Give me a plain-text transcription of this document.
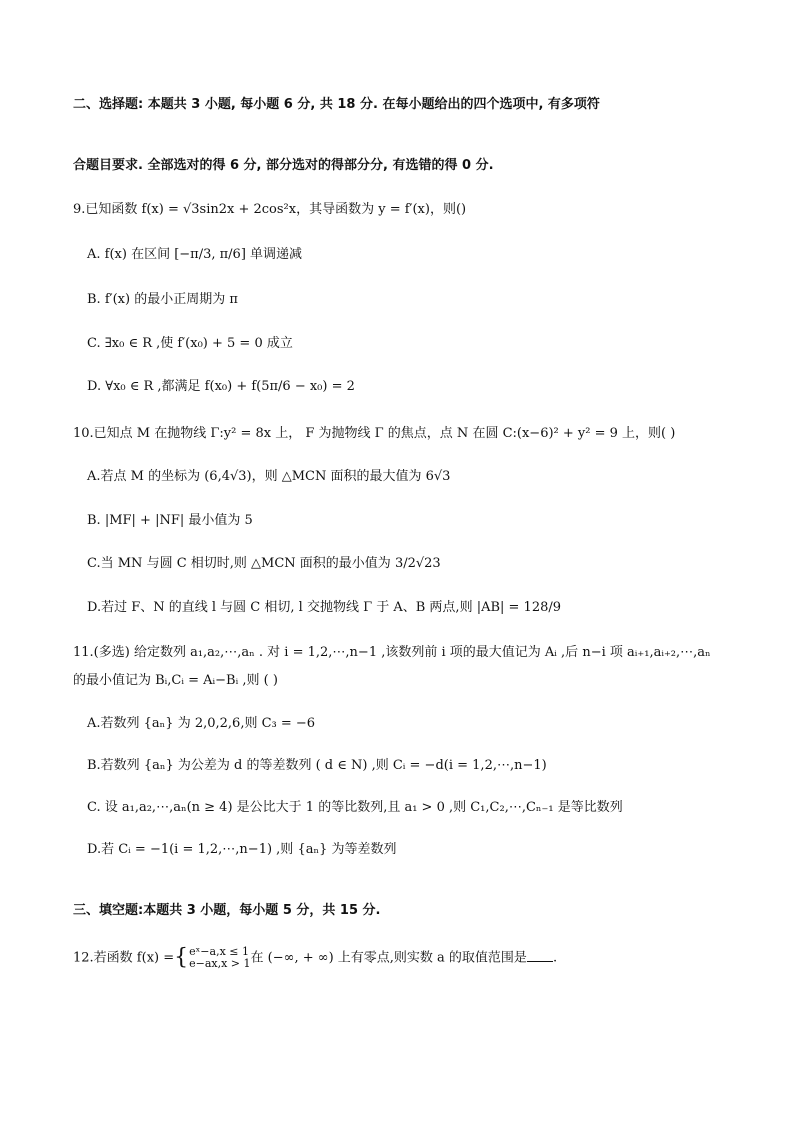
二、选择题: 本题共 3 小题, 每小题 6 分, 共 18 分. 在每小题给出的四个选项中, 有多项符
合题目要求. 全部选对的得 6 分, 部分选对的得部分分, 有选错的得 0 分.
9.已知函数 f(x) = √3sin2x + 2cos²x，其导函数为 y = f′(x)，则()
A. f(x) 在区间 [−π/3, π/6] 单调递减
B. f′(x) 的最小正周期为 π
C. ∃x₀ ∈ R ,使 f′(x₀) + 5 = 0 成立
D. ∀x₀ ∈ R ,都满足 f(x₀) + f(5π/6 − x₀) = 2
10.已知点 M 在抛物线 Γ:y² = 8x 上， F 为抛物线 Γ 的焦点，点 N 在圆 C:(x−6)² + y² = 9 上，则( )
A.若点 M 的坐标为 (6,4√3)，则 △MCN 面积的最大值为 6√3
B. |MF| + |NF| 最小值为 5
C.当 MN 与圆 C 相切时,则 △MCN 面积的最小值为 3/2√23
D.若过 F、N 的直线 l 与圆 C 相切, l 交抛物线 Γ 于 A、B 两点,则 |AB| = 128/9
11.(多选) 给定数列 a₁,a₂,⋯,aₙ . 对 i = 1,2,⋯,n−1 ,该数列前 i 项的最大值记为 Aᵢ ,后 n−i 项 aᵢ₊₁,aᵢ₊₂,⋯,aₙ
的最小值记为 Bᵢ,Cᵢ = Aᵢ−Bᵢ ,则 ( )
A.若数列 {aₙ} 为 2,0,2,6,则 C₃ = −6
B.若数列 {aₙ} 为公差为 d 的等差数列 ( d ∈ N) ,则 Cᵢ = −d(i = 1,2,⋯,n−1)
C. 设 a₁,a₂,⋯,aₙ(n ≥ 4) 是公比大于 1 的等比数列,且 a₁ > 0 ,则 C₁,C₂,⋯,Cₙ₋₁ 是等比数列
D.若 Cᵢ = −1(i = 1,2,⋯,n−1) ,则 {aₙ} 为等差数列
三、填空题:本题共 3 小题，每小题 5 分，共 15 分.
12.若函数 f(x) ={ eˣ−a,x ≤ 1
e−ax,x > 1 在 (−∞, + ∞) 上有零点,则实数 a 的取值范围是 .
